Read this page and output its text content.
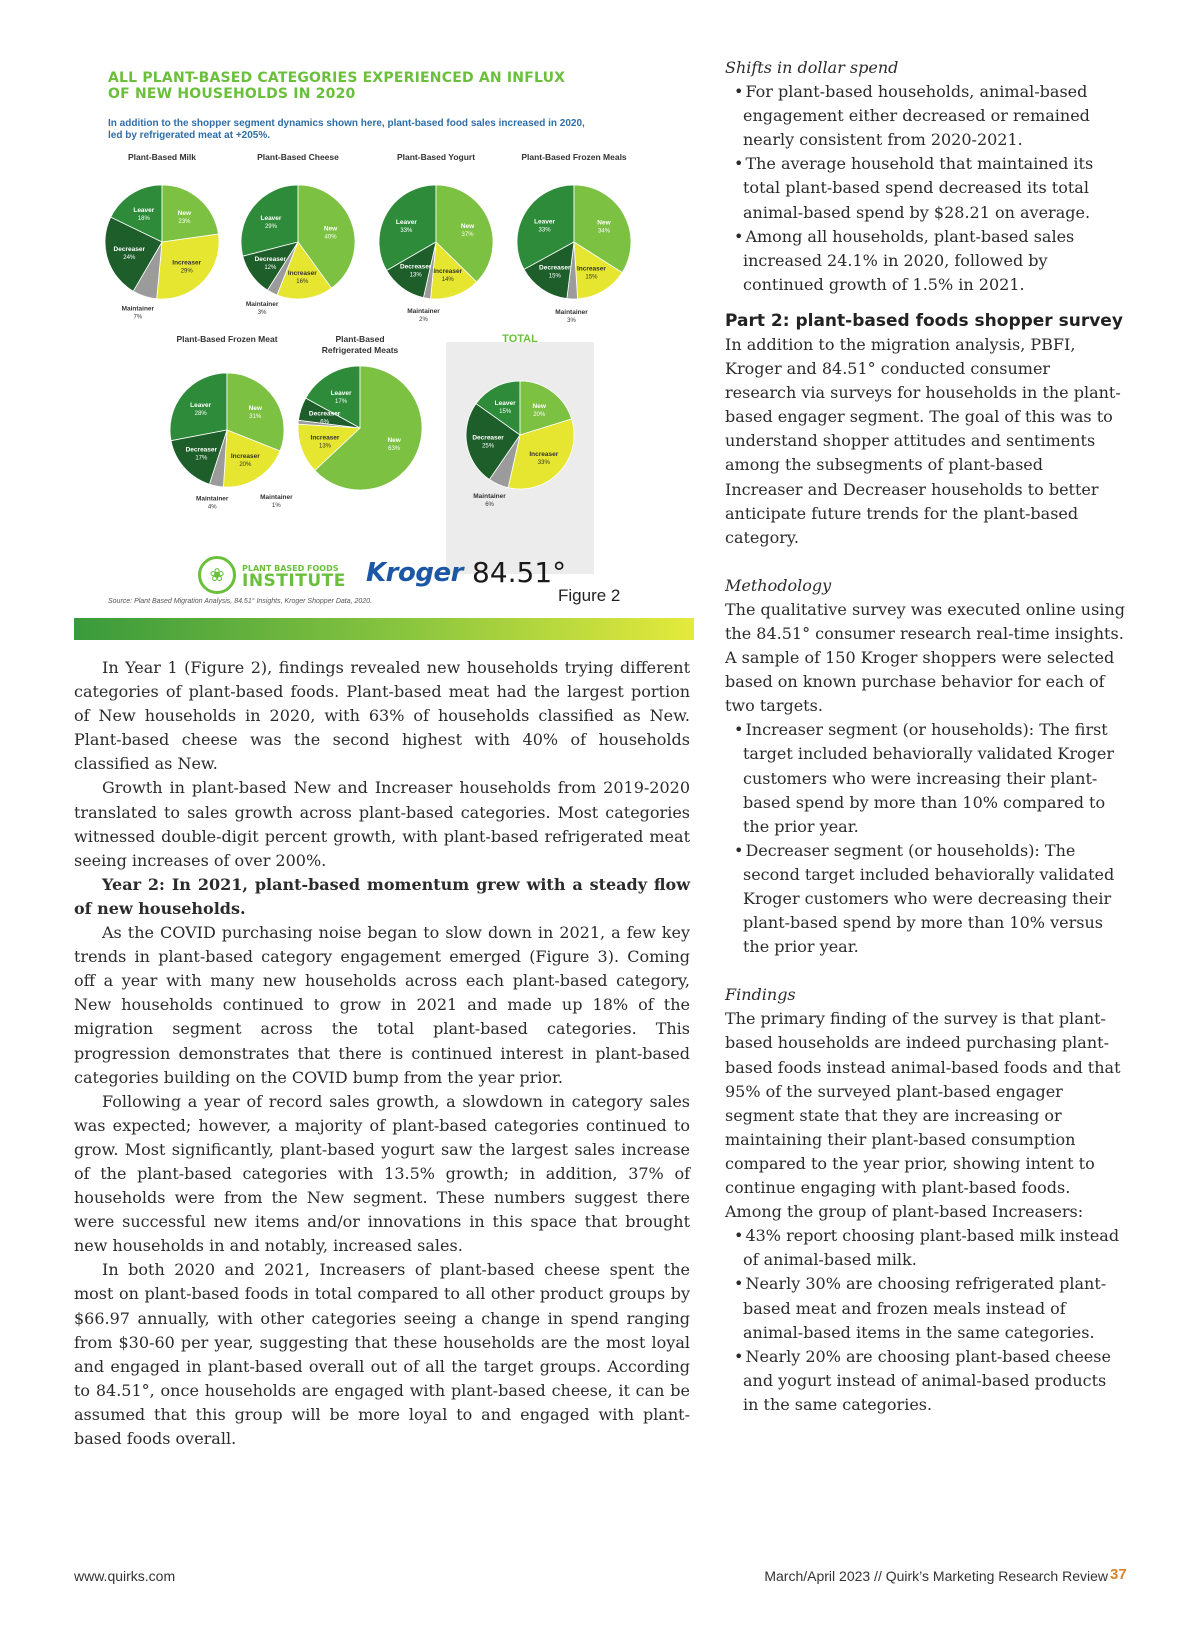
ALL PLANT-BASED CATEGORIES EXPERIENCED AN INFLUX
OF NEW HOUSEHOLDS IN 2020
In addition to the shopper segment dynamics shown here, plant-based food sales increased in 2020,
led by refrigerated meat at +205%.
Plant-Based Milk
Leaver
18%
New
23%
Increaser
29%
Maintainer
7%
Decreaser
24%
Plant-Based Cheese
Leaver
29%	New
40%
Increaser
16%
Maintainer
3%
Decreaser
12%
Plant-Based Yogurt
Leaver
33%
New
37%
Increaser
14%
Maintainer
2%
Decreaser
13%
Plant-Based Frozen Meals
Leaver
33%
New
34%
Increaser
15%
Maintainer
3%
Decreaser
15%
Plant-Based Frozen Meat
Leaver
28%
New
31%
Increaser
20%
Maintainer
4%
Decreaser
17%
Plant-Based
Refrigerated Meats
Leaver
17%
New
63%
Increaser
13%
Maintainer
1%
Decreaser
6%
TOTAL
Leaver
15%
New
20%
Increaser
33%
Maintainer
6%
Decreaser
25%
❀	PLANT BASED FOODS
INSTITUTE Kroger 84.51°
Source: Plant Based Migration Analysis, 84.51° Insights, Kroger Shopper Data, 2020.	Figure 2

In Year 1 (Figure 2), findings revealed new households trying different categories of plant-based foods. Plant-based meat had the largest portion of New households in 2020, with 63% of households classified as New. Plant-based cheese was the second highest with 40% of households classified as New.

Growth in plant-based New and Increaser households from 2019-2020 translated to sales growth across plant-based categories. Most categories witnessed double-digit percent growth, with plant-based refrigerated meat seeing increases of over 200%.

Year 2: In 2021, plant-based momentum grew with a steady flow of new households.

As the COVID purchasing noise began to slow down in 2021, a few key trends in plant-based category engagement emerged (Figure 3). Coming off a year with many new households across each plant-based category, New households continued to grow in 2021 and made up 18% of the migration segment across the total plant-based categories. This progression demonstrates that there is continued interest in plant-based categories building on the COVID bump from the year prior.

Following a year of record sales growth, a slowdown in category sales was expected; however, a majority of plant-based categories continued to grow. Most significantly, plant-based yogurt saw the largest sales increase of the plant-based categories with 13.5% growth; in addition, 37% of households were from the New segment. These numbers suggest there were successful new items and/or innovations in this space that brought new households in and notably, increased sales.

In both 2020 and 2021, Increasers of plant-based cheese spent the most on plant-based foods in total compared to all other product groups by $66.97 annually, with other categories seeing a change in spend ranging from $30-60 per year, suggesting that these households are the most loyal and engaged in plant-based overall out of all the target groups. According to 84.51°, once households are engaged with plant-based cheese, it can be assumed that this group will be more loyal to and engaged with plant-based foods overall.

Shifts in dollar spend
• For plant-based households, animal-based engagement either decreased or remained nearly consistent from 2020-2021.
• The average household that maintained its total plant-based spend decreased its total animal-based spend by $28.21 on average.
• Among all households, plant-based sales increased 24.1% in 2020, followed by continued growth of 1.5% in 2021.
Part 2: plant-based foods shopper survey
In addition to the migration analysis, PBFI, Kroger and 84.51° conducted consumer research via surveys for households in the plant-based engager segment. The goal of this was to understand shopper attitudes and sentiments among the subsegments of plant-based Increaser and Decreaser households to better anticipate future trends for the plant-based category.
Methodology
The qualitative survey was executed online using the 84.51° consumer research real-time insights. A sample of 150 Kroger shoppers were selected based on known purchase behavior for each of two targets.
• Increaser segment (or households): The first target included behaviorally validated Kroger customers who were increasing their plant-based spend by more than 10% compared to the prior year.
• Decreaser segment (or households): The second target included behaviorally validated Kroger customers who were decreasing their plant-based spend by more than 10% versus the prior year.
Findings
The primary finding of the survey is that plant-based households are indeed purchasing plant-based foods instead animal-based foods and that 95% of the surveyed plant-based engager segment state that they are increasing or maintaining their plant-based consumption compared to the year prior, showing intent to continue engaging with plant-based foods. Among the group of plant-based Increasers:
• 43% report choosing plant-based milk instead of animal-based milk.
• Nearly 30% are choosing refrigerated plant-based meat and frozen meals instead of animal-based items in the same categories.
• Nearly 20% are choosing plant-based cheese and yogurt instead of animal-based products in the same categories.
www.quirks.com	March/April 2023 // Quirk’s Marketing Research Review 37
